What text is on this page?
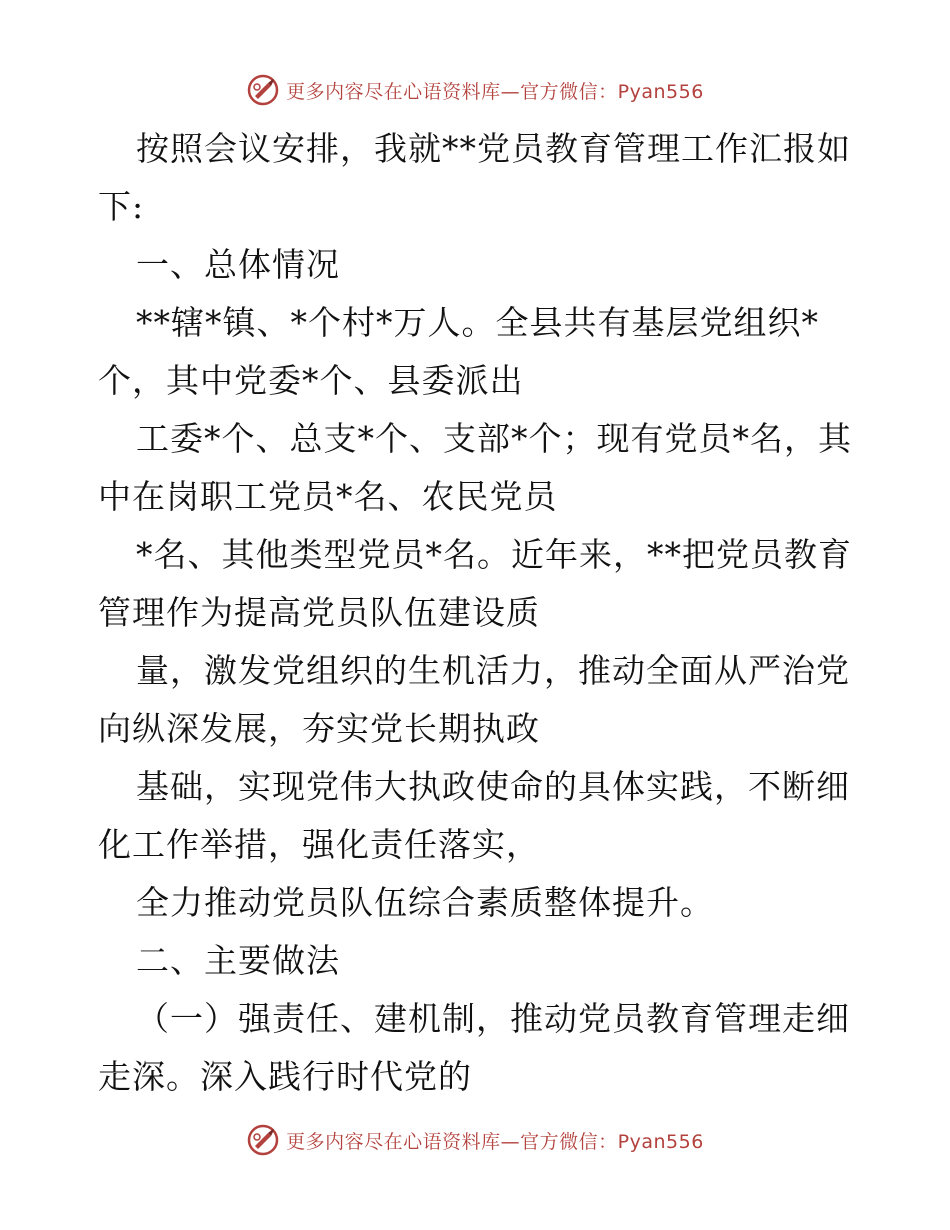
更多内容尽在心语资料库—官方微信：Pyan556
按照会议安排，我就**党员教育管理工作汇报如
下:
一、总体情况
**辖*镇、*个村*万人。全县共有基层党组织*
个，其中党委*个、县委派出
工委*个、总支*个、支部*个；现有党员*名，其
中在岗职工党员*名、农民党员
*名、其他类型党员*名。近年来，**把党员教育
管理作为提高党员队伍建设质
量，激发党组织的生机活力，推动全面从严治党
向纵深发展，夯实党长期执政
基础，实现党伟大执政使命的具体实践，不断细
化工作举措，强化责任落实，
全力推动党员队伍综合素质整体提升。
二、主要做法
（一）强责任、建机制，推动党员教育管理走细
走深。深入践行时代党的
更多内容尽在心语资料库—官方微信：Pyan556
